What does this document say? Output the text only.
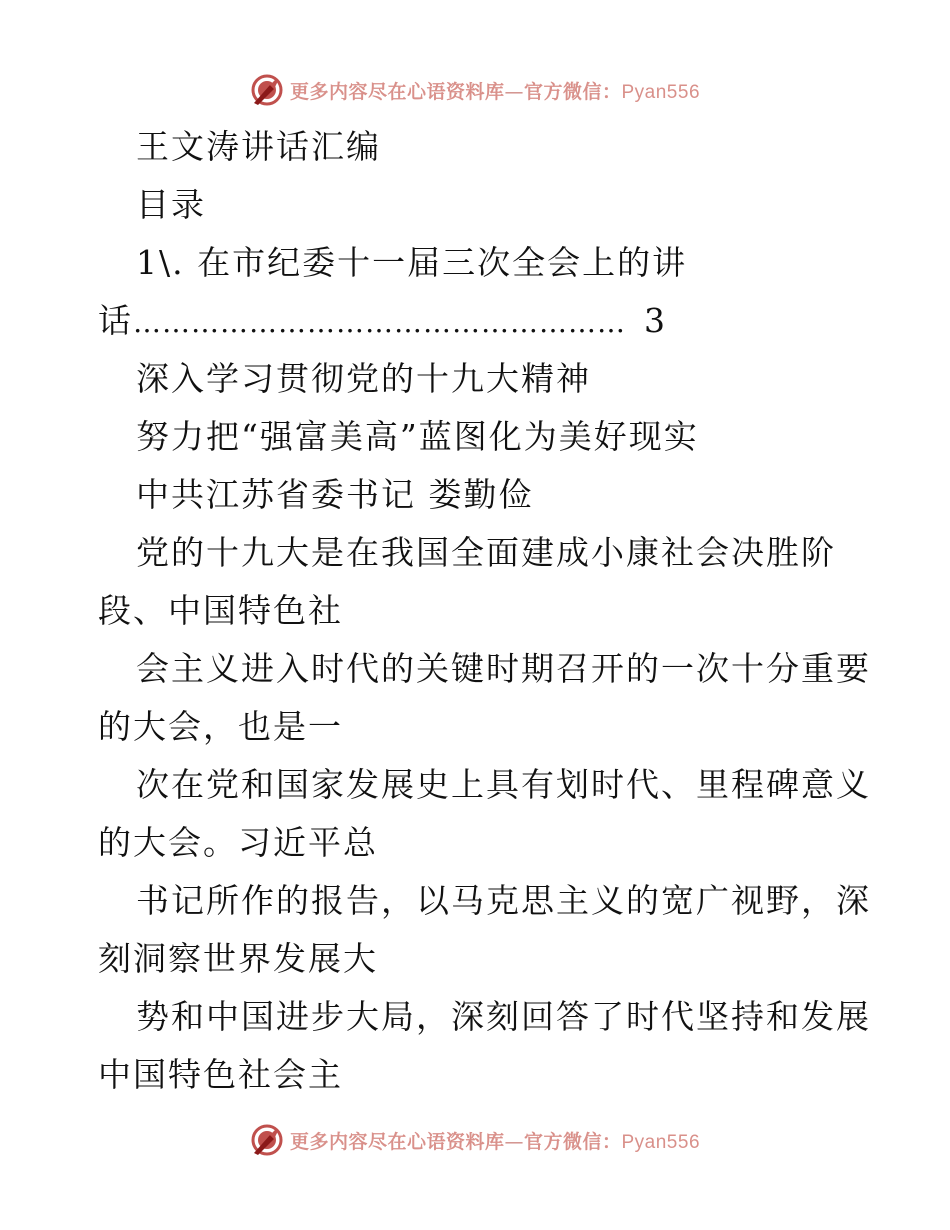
更多内容尽在心语资料库—官方微信：Pyan556
王文涛讲话汇编
目录
1\. 在市纪委十一届三次全会上的讲
话…………………………………………… 3
深入学习贯彻党的十九大精神
努力把“强富美高”蓝图化为美好现实
中共江苏省委书记 娄勤俭
党的十九大是在我国全面建成小康社会决胜阶
段、中国特色社
会主义进入时代的关键时期召开的一次十分重要
的大会，也是一
次在党和国家发展史上具有划时代、里程碑意义
的大会。习近平总
书记所作的报告，以马克思主义的宽广视野，深
刻洞察世界发展大
势和中国进步大局，深刻回答了时代坚持和发展
中国特色社会主
更多内容尽在心语资料库—官方微信：Pyan556
